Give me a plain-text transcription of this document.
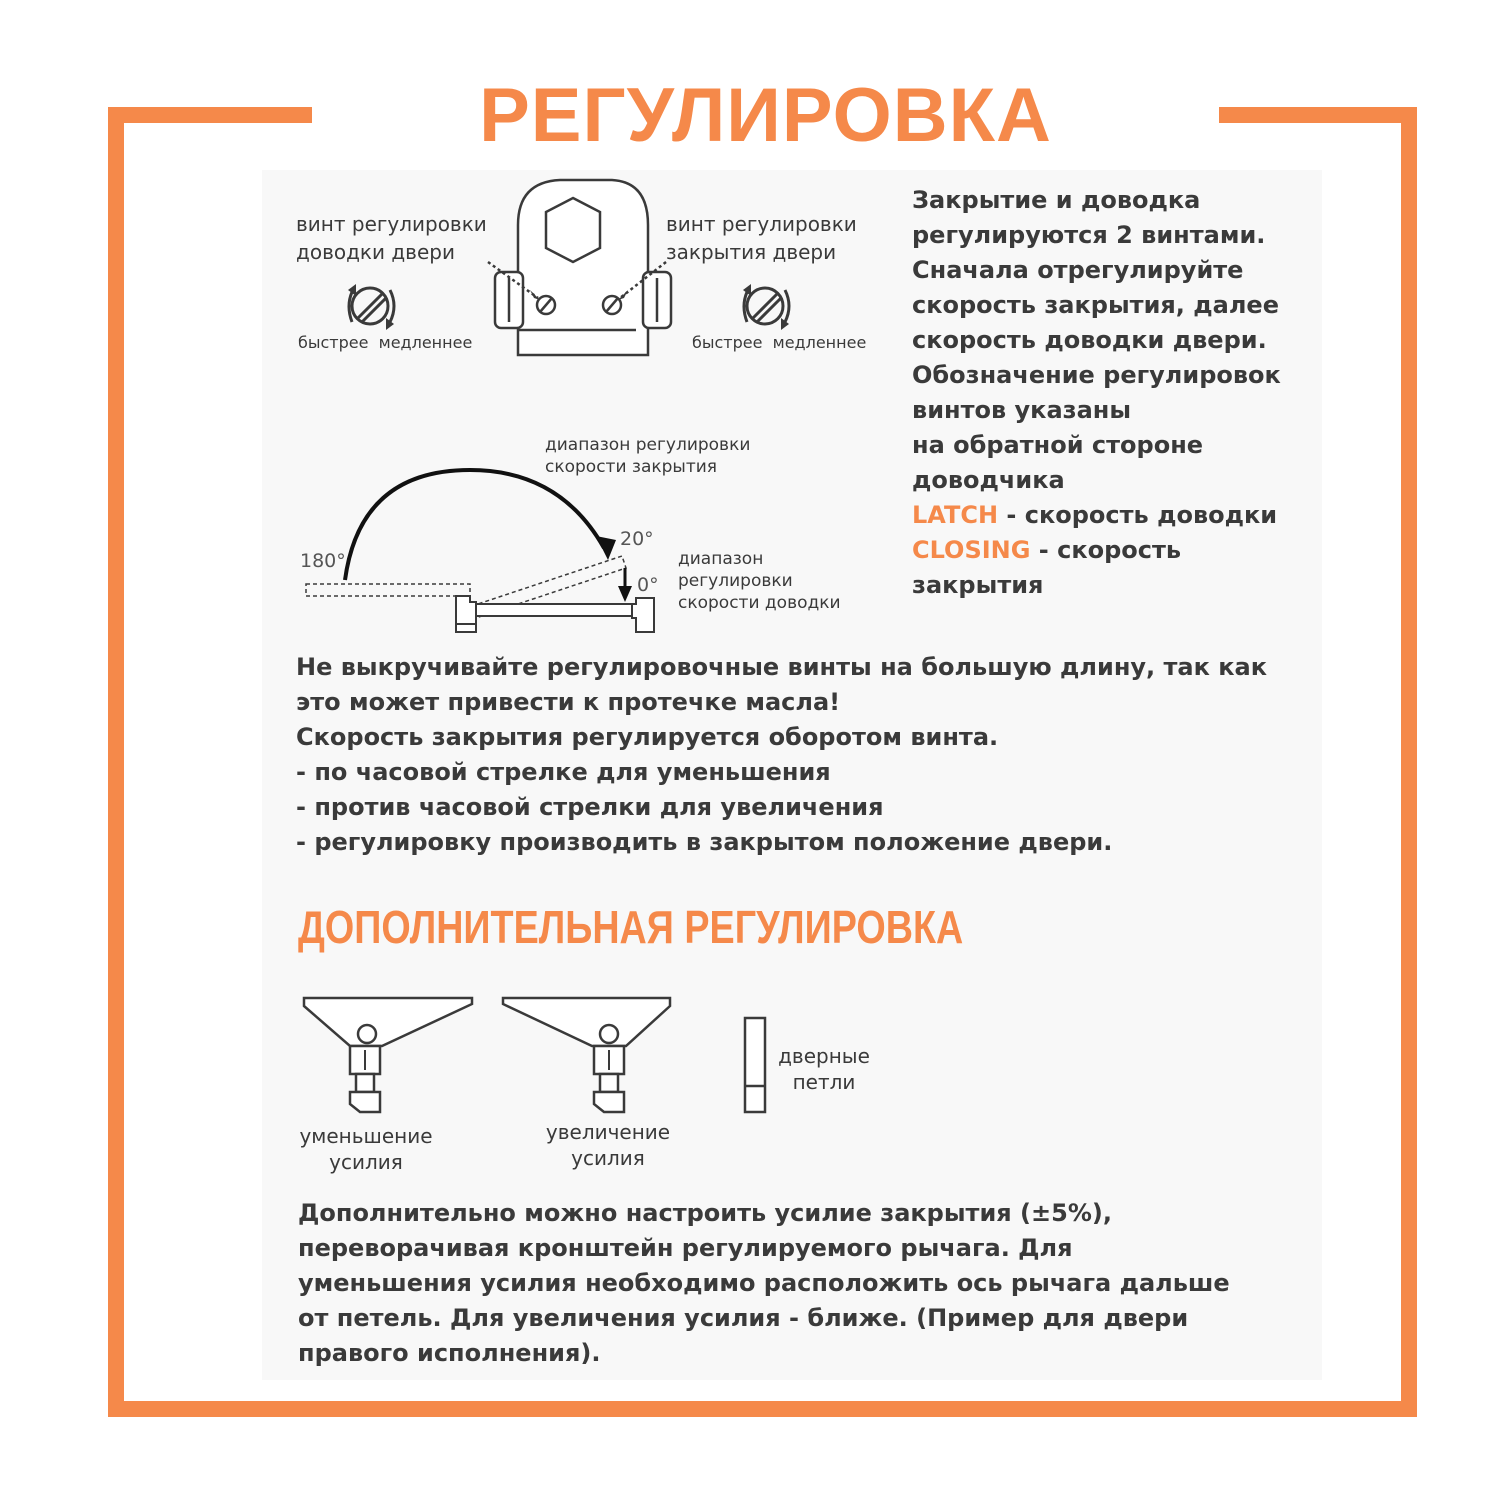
РЕГУЛИРОВКА
винт регулировки
доводки двери
винт регулировки
закрытия двери
быстрее  медленнее	быстрее  медленнее
Закрытие и доводка
регулируются 2 винтами.
Сначала отрегулируйте
скорость закрытия, далее
скорость доводки двери.
Обозначение регулировок
винтов указаны
на обратной стороне
доводчика
LATCH - скорость доводки
CLOSING - скорость
закрытия
диапазон регулировки
скорости закрытия
диапазон
регулировки
скорости доводки
180°
20°
0°
Не выкручивайте регулировочные винты на большую длину, так как
это может привести к протечке масла!
Скорость закрытия регулируется оборотом винта.
- по часовой стрелке для уменьшения
- против часовой стрелки для увеличения
- регулировку производить в закрытом положение двери.
ДОПОЛНИТЕЛЬНАЯ РЕГУЛИРОВКА
уменьшение
усилия
увеличение
усилия
дверные
петли
Дополнительно можно настроить усилие закрытия (±5%),
переворачивая кронштейн регулируемого рычага. Для
уменьшения усилия необходимо расположить ось рычага дальше
от петель. Для увеличения усилия - ближе. (Пример для двери
правого исполнения).
